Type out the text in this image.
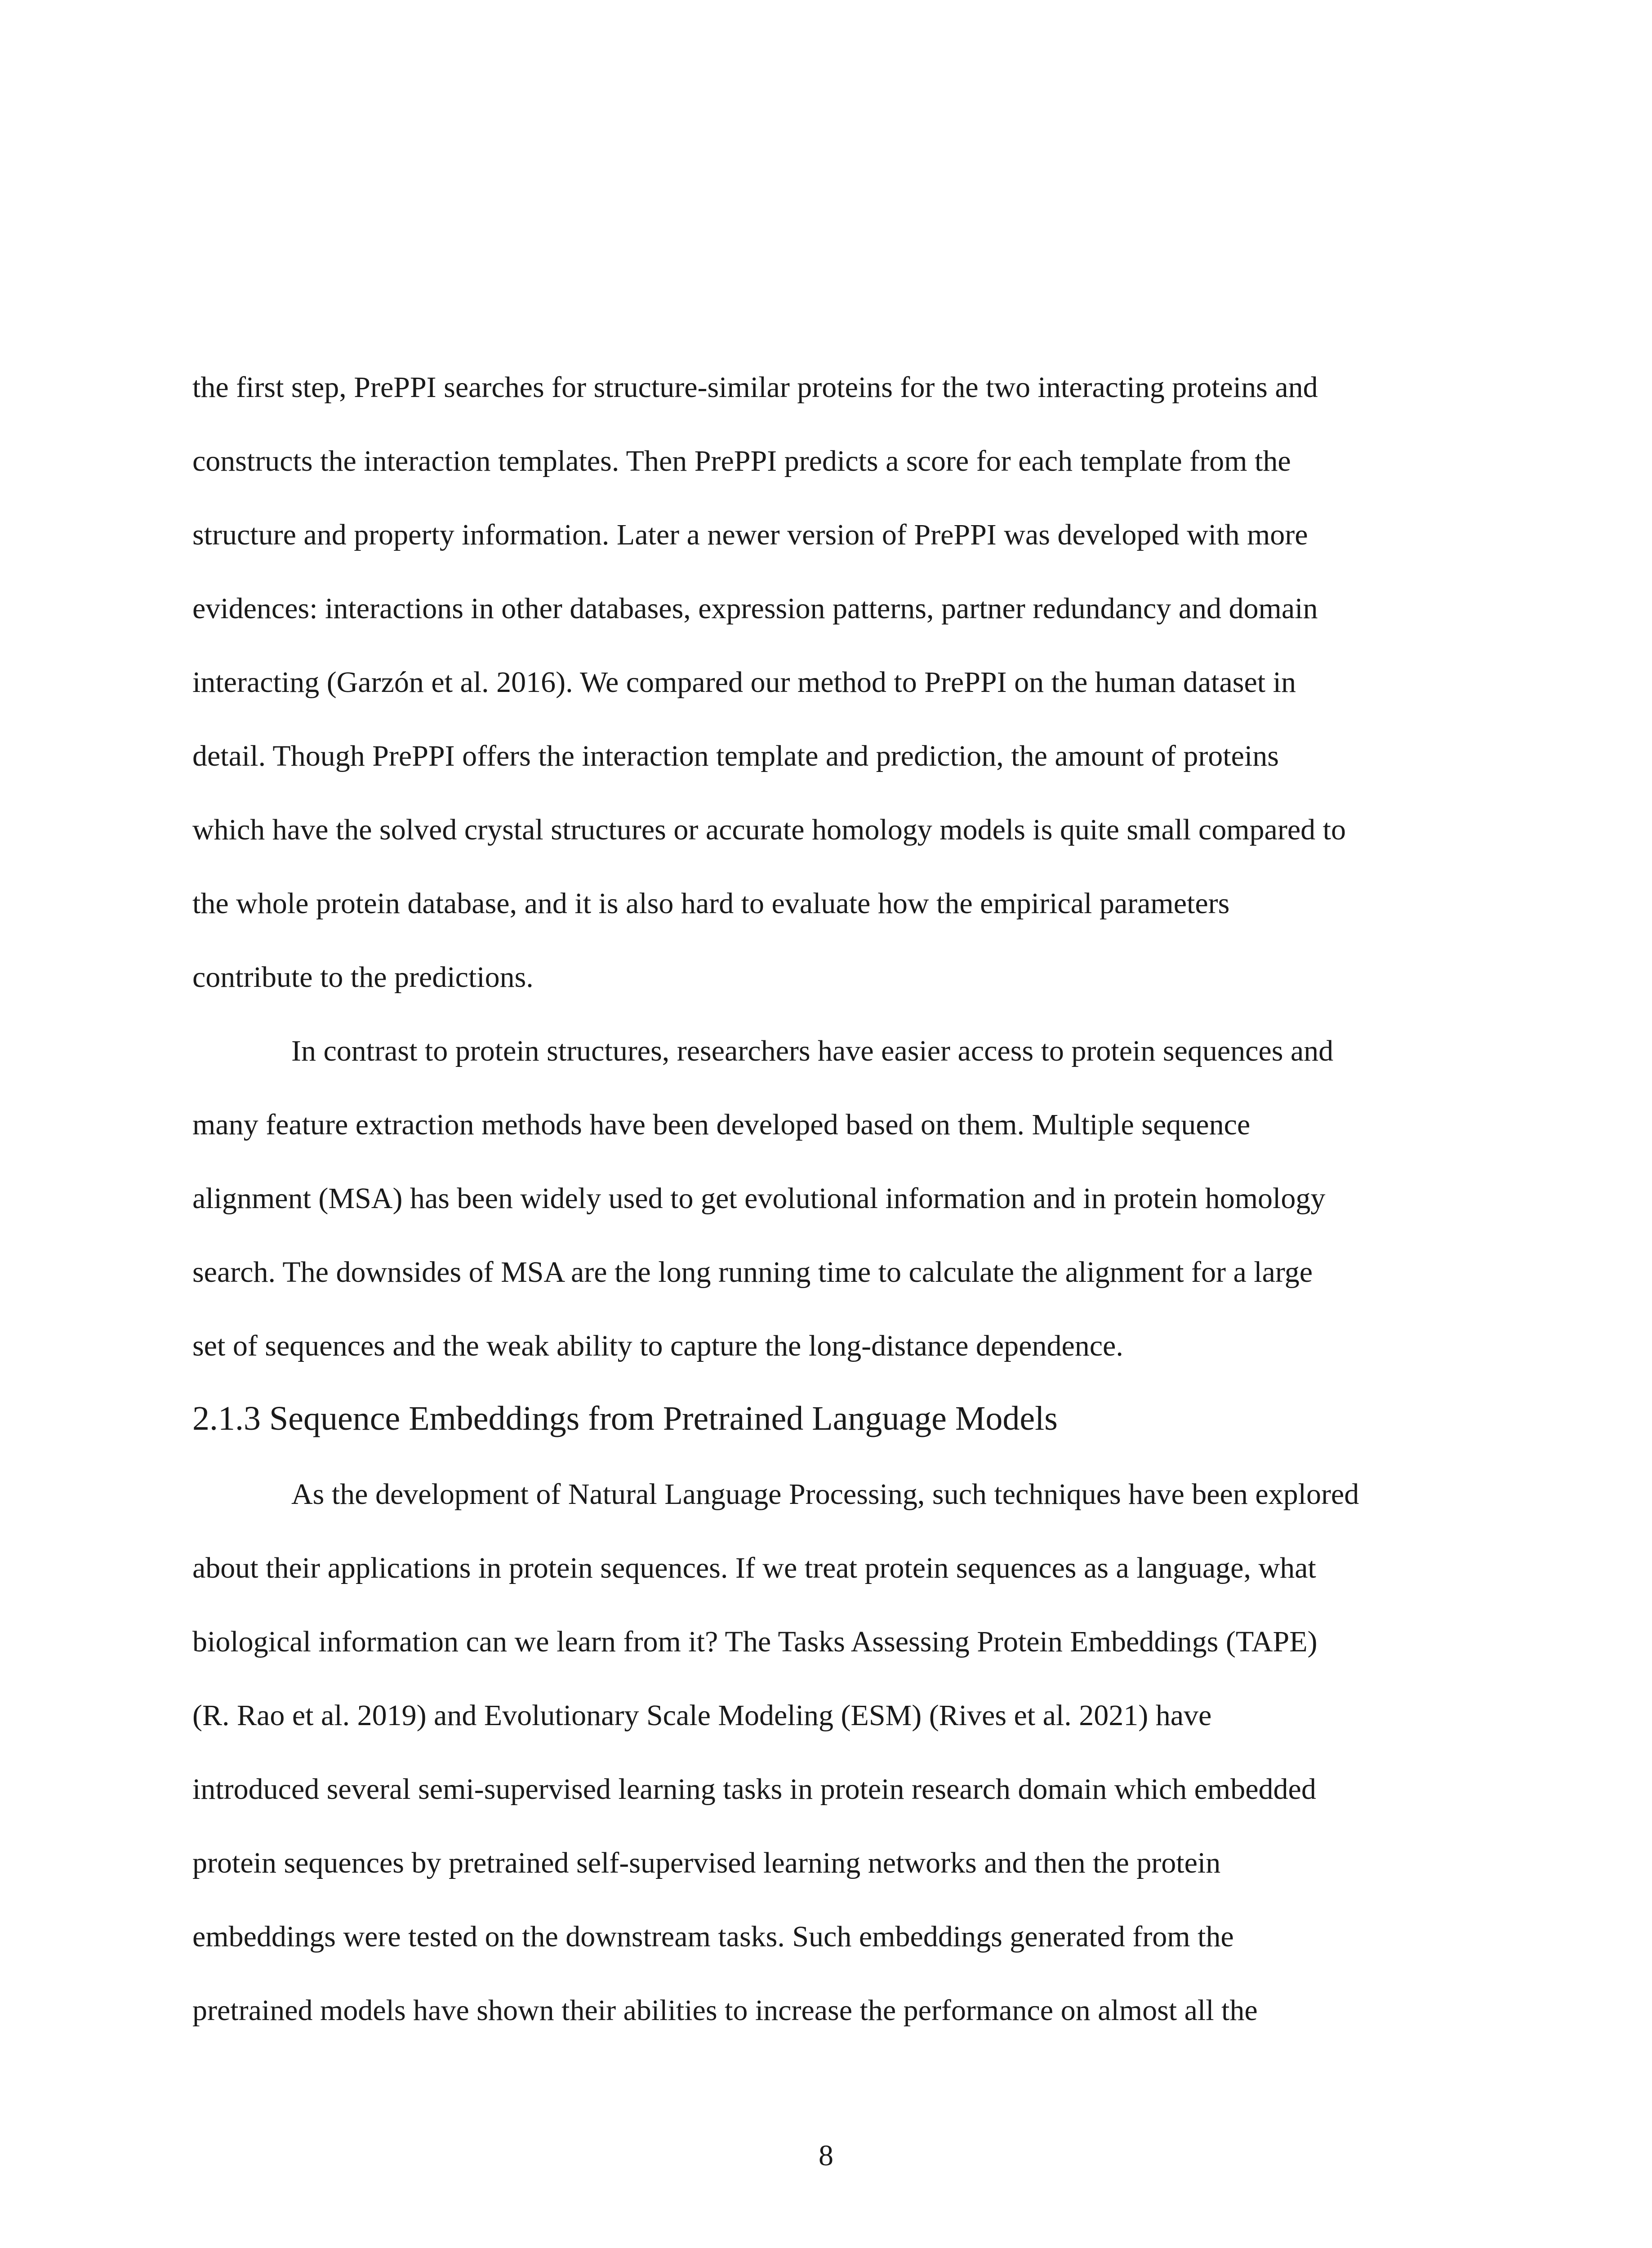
the first step, PrePPI searches for structure-similar proteins for the two interacting proteins and
constructs the interaction templates. Then PrePPI predicts a score for each template from the
structure and property information. Later a newer version of PrePPI was developed with more
evidences: interactions in other databases, expression patterns, partner redundancy and domain
interacting (Garzón et al. 2016). We compared our method to PrePPI on the human dataset in
detail. Though PrePPI offers the interaction template and prediction, the amount of proteins
which have the solved crystal structures or accurate homology models is quite small compared to
the whole protein database, and it is also hard to evaluate how the empirical parameters
contribute to the predictions.
In contrast to protein structures, researchers have easier access to protein sequences and
many feature extraction methods have been developed based on them. Multiple sequence
alignment (MSA) has been widely used to get evolutional information and in protein homology
search. The downsides of MSA are the long running time to calculate the alignment for a large
set of sequences and the weak ability to capture the long-distance dependence.
2.1.3 Sequence Embeddings from Pretrained Language Models
As the development of Natural Language Processing, such techniques have been explored
about their applications in protein sequences. If we treat protein sequences as a language, what
biological information can we learn from it? The Tasks Assessing Protein Embeddings (TAPE)
(R. Rao et al. 2019) and Evolutionary Scale Modeling (ESM) (Rives et al. 2021) have
introduced several semi-supervised learning tasks in protein research domain which embedded
protein sequences by pretrained self-supervised learning networks and then the protein
embeddings were tested on the downstream tasks. Such embeddings generated from the
pretrained models have shown their abilities to increase the performance on almost all the
8
